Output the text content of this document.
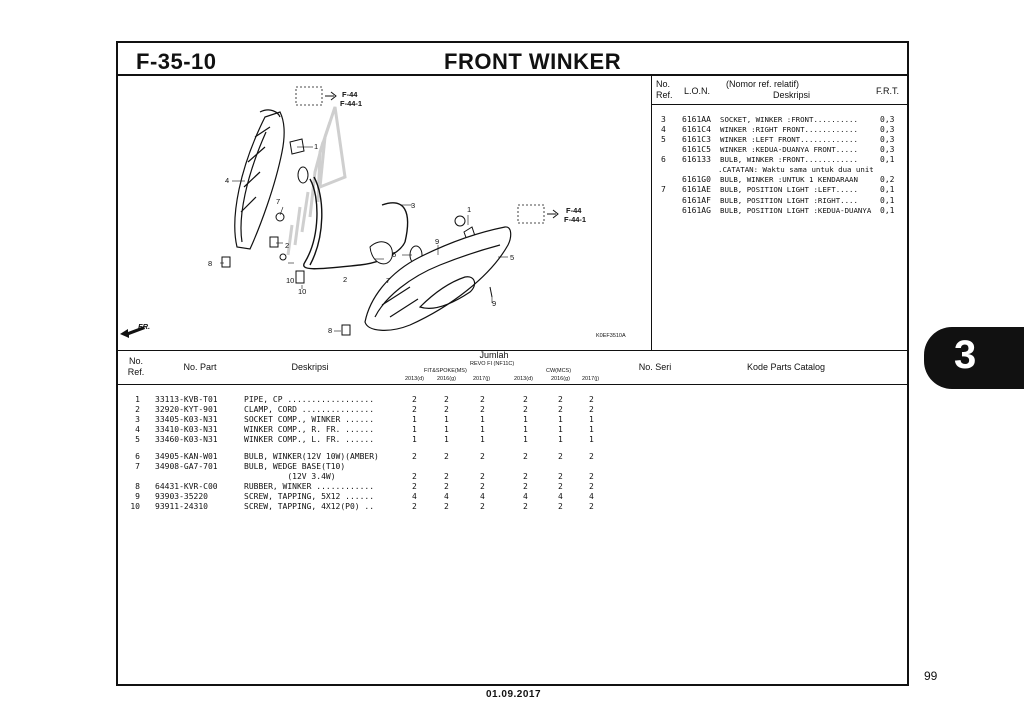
F-35-10	FRONT WINKER
F-44
F-44-1
F-44
F-44-1
FR.
K0EF3510A
1
4
7
2
8
10
3	1
9
5
6
7
2
9
8
10
No.
Ref. L.O.N.
(Nomor ref. relatif)
Deskripsi	F.R.T.
3 6161AA SOCKET, WINKER :FRONT..........	0,3
4 6161C4 WINKER :RIGHT FRONT............	0,3
5 6161C3 WINKER :LEFT FRONT.............	0,3
6161C5 WINKER :KEDUA-DUANYA FRONT.....	0,3
6 616133 BULB, WINKER :FRONT............	0,1
.CATATAN: Waktu sama untuk dua unit
6161G0 BULB, WINKER :UNTUK 1 KENDARAAN	0,2
7 6161AE BULB, POSITION LIGHT :LEFT.....	0,1
6161AF BULB, POSITION LIGHT :RIGHT....	0,1
6161AG BULB, POSITION LIGHT :KEDUA-DUANYA 0,1
No.
Ref.	No. Part	Deskripsi
Jumlah
REVO FI (NF11C)
FIT&SPOKE(MS)	CW(MCS)
2013(d) 2016(g)	2017(j)	2013(d)	2016(g) 2017(j)
No. Seri	Kode Parts Catalog
1 33113-KVB-T01	PIPE, CP ..................	2	2	2	2	2	2
2 32920-KYT-901	CLAMP, CORD ...............	2	2	2	2	2	2
3 33405-K03-N31	SOCKET COMP., WINKER ......	1	1	1	1	1	1
4 33410-K03-N31	WINKER COMP., R. FR. ......	1	1	1	1	1	1
5 33460-K03-N31	WINKER COMP., L. FR. ......	1	1	1	1	1	1
6 34905-KAN-W01	BULB, WINKER(12V 10W)(AMBER)	2	2	2	2	2	2
7 34908-GA7-701	BULB, WEDGE BASE(T10)
(12V 3.4W)	2	2	2	2	2	2
8 64431-KVR-C00	RUBBER, WINKER ............	2	2	2	2	2	2
9 93903-35220	SCREW, TAPPING, 5X12 ......	4	4	4	4	4	4
10 93911-24310	SCREW, TAPPING, 4X12(P0) ..	2	2	2	2	2	2
3
99
01.09.2017
